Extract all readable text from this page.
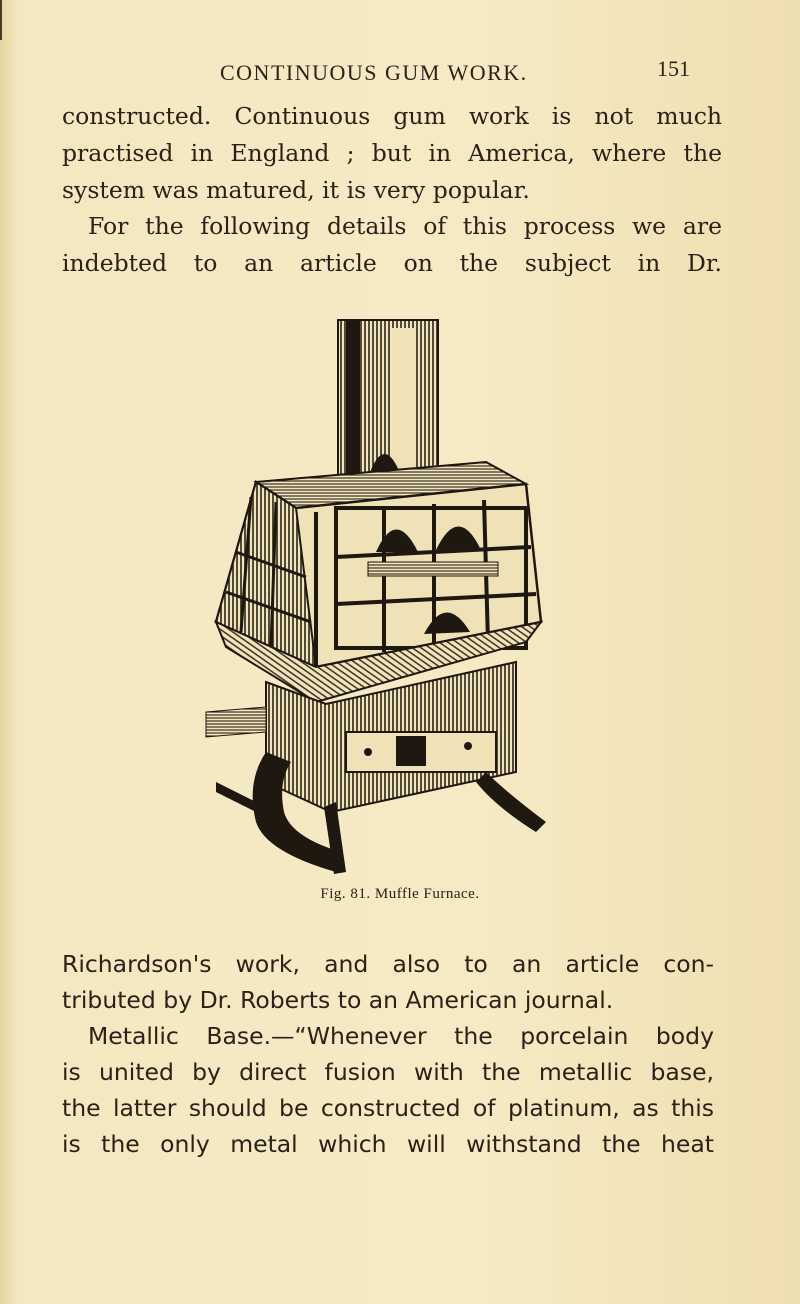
CONTINUOUS GUM WORK.	151
constructed. Continuous gum work is not much
practised in England ; but in America, where the
system was matured, it is very popular.
For the following details of this process we are
indebted to an article on the subject in Dr.
Fig. 81. Muffle Furnace.
Richardson's work, and also to an article con-
tributed by Dr. Roberts to an American journal.
Metallic Base.—“Whenever the porcelain body
is united by direct fusion with the metallic base,
the latter should be constructed of platinum, as this
is the only metal which will withstand the heat
